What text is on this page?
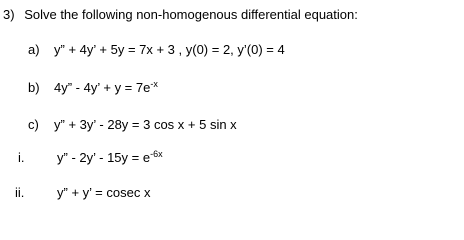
3) Solve the following non-homogenous differential equation:
a) y” + 4y’ + 5y = 7x + 3 , y(0) = 2, y’(0) = 4
b) 4y” - 4y’ + $y = 7e^{-x}$
c) y” + 3y’ - 28y = 3 cos x + 5 sin x
i.	y” - 2y’ - $15y = e^{-6x}$
ii.	y” + y’ = cosec x
